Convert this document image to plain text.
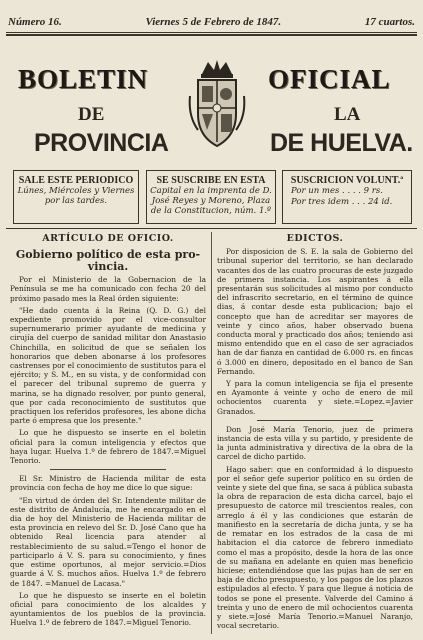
Número 16.	Viernes 5 de Febrero de 1847.	17 cuartos.
BOLETIN	OFICIAL
DE	LA
PROVINCIA	DE HUELVA.
SALE ESTE PERIODICO
Lúnes, Miércoles y Viernes
por las tardes.
SE SUSCRIBE EN ESTA
Capital en la imprenta de D.
José Reyes y Moreno, Plaza
de la Constitucion, núm. 1.º
SUSCRICION VOLUNT.ª
Por un mes . . . . 9 rs.
Por tres idem . . . 24 id.
ARTÍCULO DE OFICIO.
Gobierno político de esta pro-
vincia.

Por el Ministerio de la Gobernacion de la Península se me ha comunicado con fecha 20 del próximo pasado mes la Real órden siguiente:

"He dado cuenta á la Reina (Q. D. G.) del expediente promovido por el vice-consultor supernumerario primer ayudante de medicina y cirujía del cuerpo de sanidad militar don Anastasio Chinchilla, en solicitud de que se señalen los honorarios que deben abonarse á los profesores castrenses por el conocimiento de sustitutos para el ejército; y S. M., en su vista, y de conformidad con el parecer del tribunal supremo de guerra y marina, se ha dignado resolver, por punto general, que por cada reconocimiento de sustitutos que practiquen los referidos profesores, les abone dicha parte ó empresa que los presente."

Lo que he dispuesto se inserte en el boletin oficial para la comun inteligencia y efectos que haya lugar. Huelva 1.º de febrero de 1847.=Miguel Tenorio.

El Sr. Ministro de Hacienda militar de esta provincia con fecha de hoy me dice lo que sigue:

"En virtud de órden del Sr. Intendente militar de este distrito de Andalucía, me he encargado en el dia de hoy del Ministerio de Hacienda militar de esta provincia en relevo del Sr. D. José Cano que ha obtenido Real licencia para atender al restablecimiento de su salud.=Tengo el honor de participarlo á V. S. para su conocimiento, y fines que estime oportunos, al mejor servicio.=Dios guarde á V. S. muchos años. Huelva 1.º de febrero de 1847. =Manuel de Lacasa."

Lo que he dispuesto se inserte en el boletin oficial para conocimiento de los alcaldes y ayuntamientos de los pueblos de la provincia. Huelva 1.º de febrero de 1847.=Miguel Tenorio.

EDICTOS.

Por disposicion de S. E. la sala de Gobierno del tribunal superior del territorio, se han declarado vacantes dos de las cuatro procuras de este juzgado de primera instancia. Los aspirantes á ella presentarán sus solicitudes al mismo por conducto del infrascrito secretario, en el término de quince dias, á contar desde esta publicacion; bajo el concepto que han de acreditar ser mayores de veinte y cinco años, haber observado buena conducta moral y practicado dos años; teniendo asi mismo entendido que en el caso de ser agraciados han de dar fianza en cantidad de 6.000 rs. en fincas ó 3.000 en dinero, depositado en el banco de San Fernando.

Y para la comun inteligencia se fija el presente en Ayamonte á veinte y ocho de enero de mil ochocientos cuarenta y siete.=Lopez.=Javier Granados.

Don José María Tenorio, juez de primera instancia de esta villa y su partido, y presidente de la junta administrativa y directiva de la obra de la carcel de dicho partido.

Hago saber: que en conformidad á lo dispuesto por el señor gefe superior político en su órden de veinte y siete del que fina, se saca á pública subasta la obra de reparacion de esta dicha carcel, bajo el presupuesto de catorce mil trescientos reales, con arreglo á él y las condiciones que estarán de manifiesto en la secretaría de dicha junta, y se ha de rematar en los estrados de la casa de mi habitacion el dia catorce de febrero inmediato como el mas a propósito, desde la hora de las once de su mañana en adelante en quien mas beneficio hiciese; entendiéndose que las pujas han de ser en baja de dicho presupuesto, y los pagos de los plazos estipulados al efecto. Y para que llegue á noticia de todos se pone el presente. Valverde del Camino á treinta y uno de enero de mil ochocientos cuarenta y siete.=José María Tenorio.=Manuel Naranjo, vocal secretario.
